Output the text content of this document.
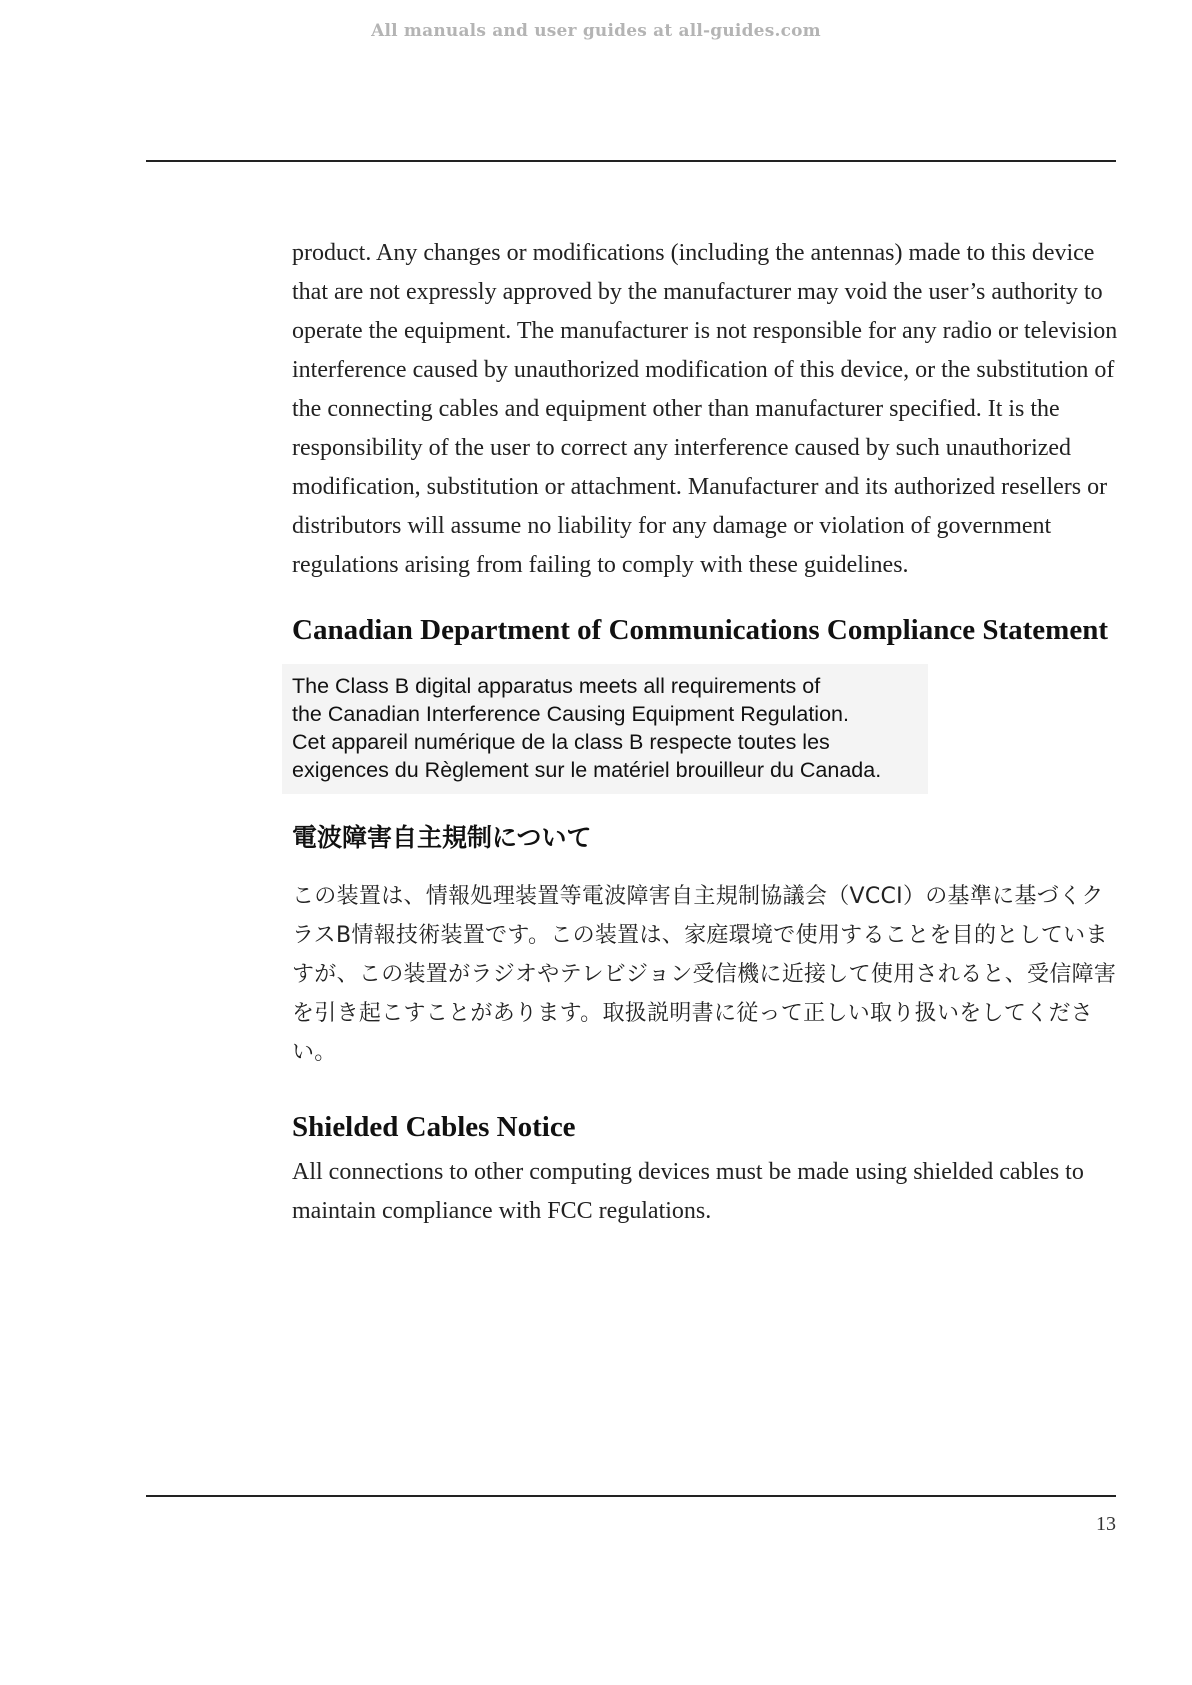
All manuals and user guides at all-guides.com

product. Any changes or modifications (including the antennas) made to this device that are not expressly approved by the manufacturer may void the user’s authority to operate the equipment. The manufacturer is not responsible for any radio or television interference caused by unauthorized modification of this device, or the substitution of the connecting cables and equipment other than manufacturer specified. It is the responsibility of the user to correct any interference caused by such unauthorized modification, substitution or attachment. Manufacturer and its authorized resellers or distributors will assume no liability for any damage or violation of government regulations arising from failing to comply with these guidelines.

Canadian Department of Communications Compliance Statement
The Class B digital apparatus meets all requirements of
the Canadian Interference Causing Equipment Regulation.
Cet appareil numérique de la class B respecte toutes les
exigences du Règlement sur le matériel brouilleur du Canada.
電波障害自主規制について

この装置は、情報処理装置等電波障害自主規制協議会（VCCI）の基準に基づくクラスB情報技術装置です。この装置は、家庭環境で使用することを目的としていますが、この装置がラジオやテレビジョン受信機に近接して使用されると、受信障害を引き起こすことがあります。取扱説明書に従って正しい取り扱いをしてください。

Shielded Cables Notice

All connections to other computing devices must be made using shielded cables to maintain compliance with FCC regulations.

13
